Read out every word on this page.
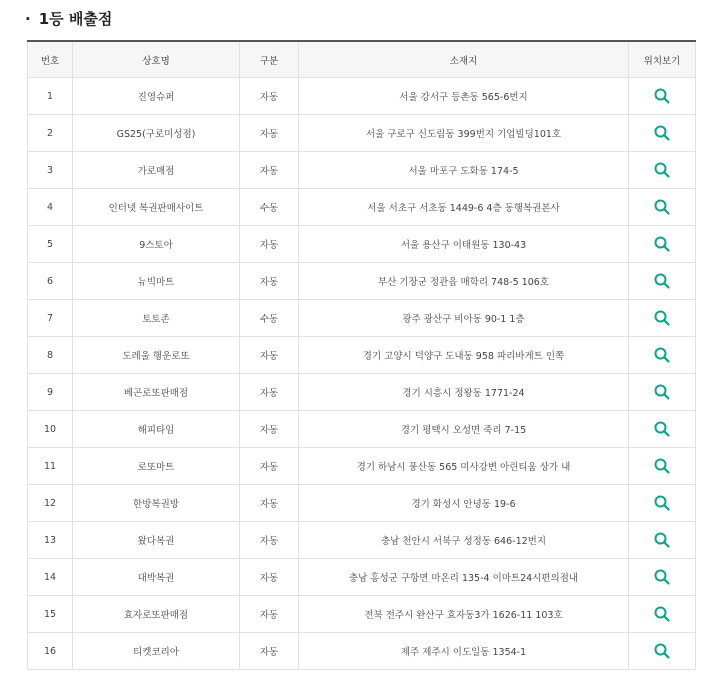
· 1등 배출점
번호	상호명	구분	소재지	위치보기
1	진영슈퍼	자동	서울 강서구 등촌동 565-6번지	
2	GS25(구로미성점)	자동	서울 구로구 신도림동 399번지 기업빌딩101호	
3	가로매점	자동	서울 마포구 도화동 174-5	
4	인터넷 복권판매사이트	수동	서울 서초구 서초동 1449-6 4층 동행복권본사	
5	9스토아	자동	서울 용산구 이태원동 130-43	
6	뉴빅마트	자동	부산 기장군 정관읍 매학리 748-5 106호	
7	토토존	수동	광주 광산구 비아동 90-1 1층	
8	도레울 행운로또	자동	경기 고양시 덕양구 도내동 958 파리바게트 인쪽	
9	베곤로또판매점	자동	경기 시흥시 정왕동 1771-24	
10	해피타임	자동	경기 평택시 오성면 죽리 7-15	
11	로또마트	자동	경기 하남시 풍산동 565 미사강변 아린티움 상가 내	
12	한방복권방	자동	경기 화성시 안녕동 19-6	
13	왔다복권	자동	충남 천안시 서북구 성정동 646-12번지	
14	대박복권	자동	충남 홍성군 구항면 마온리 135-4 이마트24시편의점내	
15	효자로또판매점	자동	전북 전주시 완산구 효자동3가 1626-11 103호	
16	티켓코리아	자동	제주 제주시 이도일동 1354-1	
